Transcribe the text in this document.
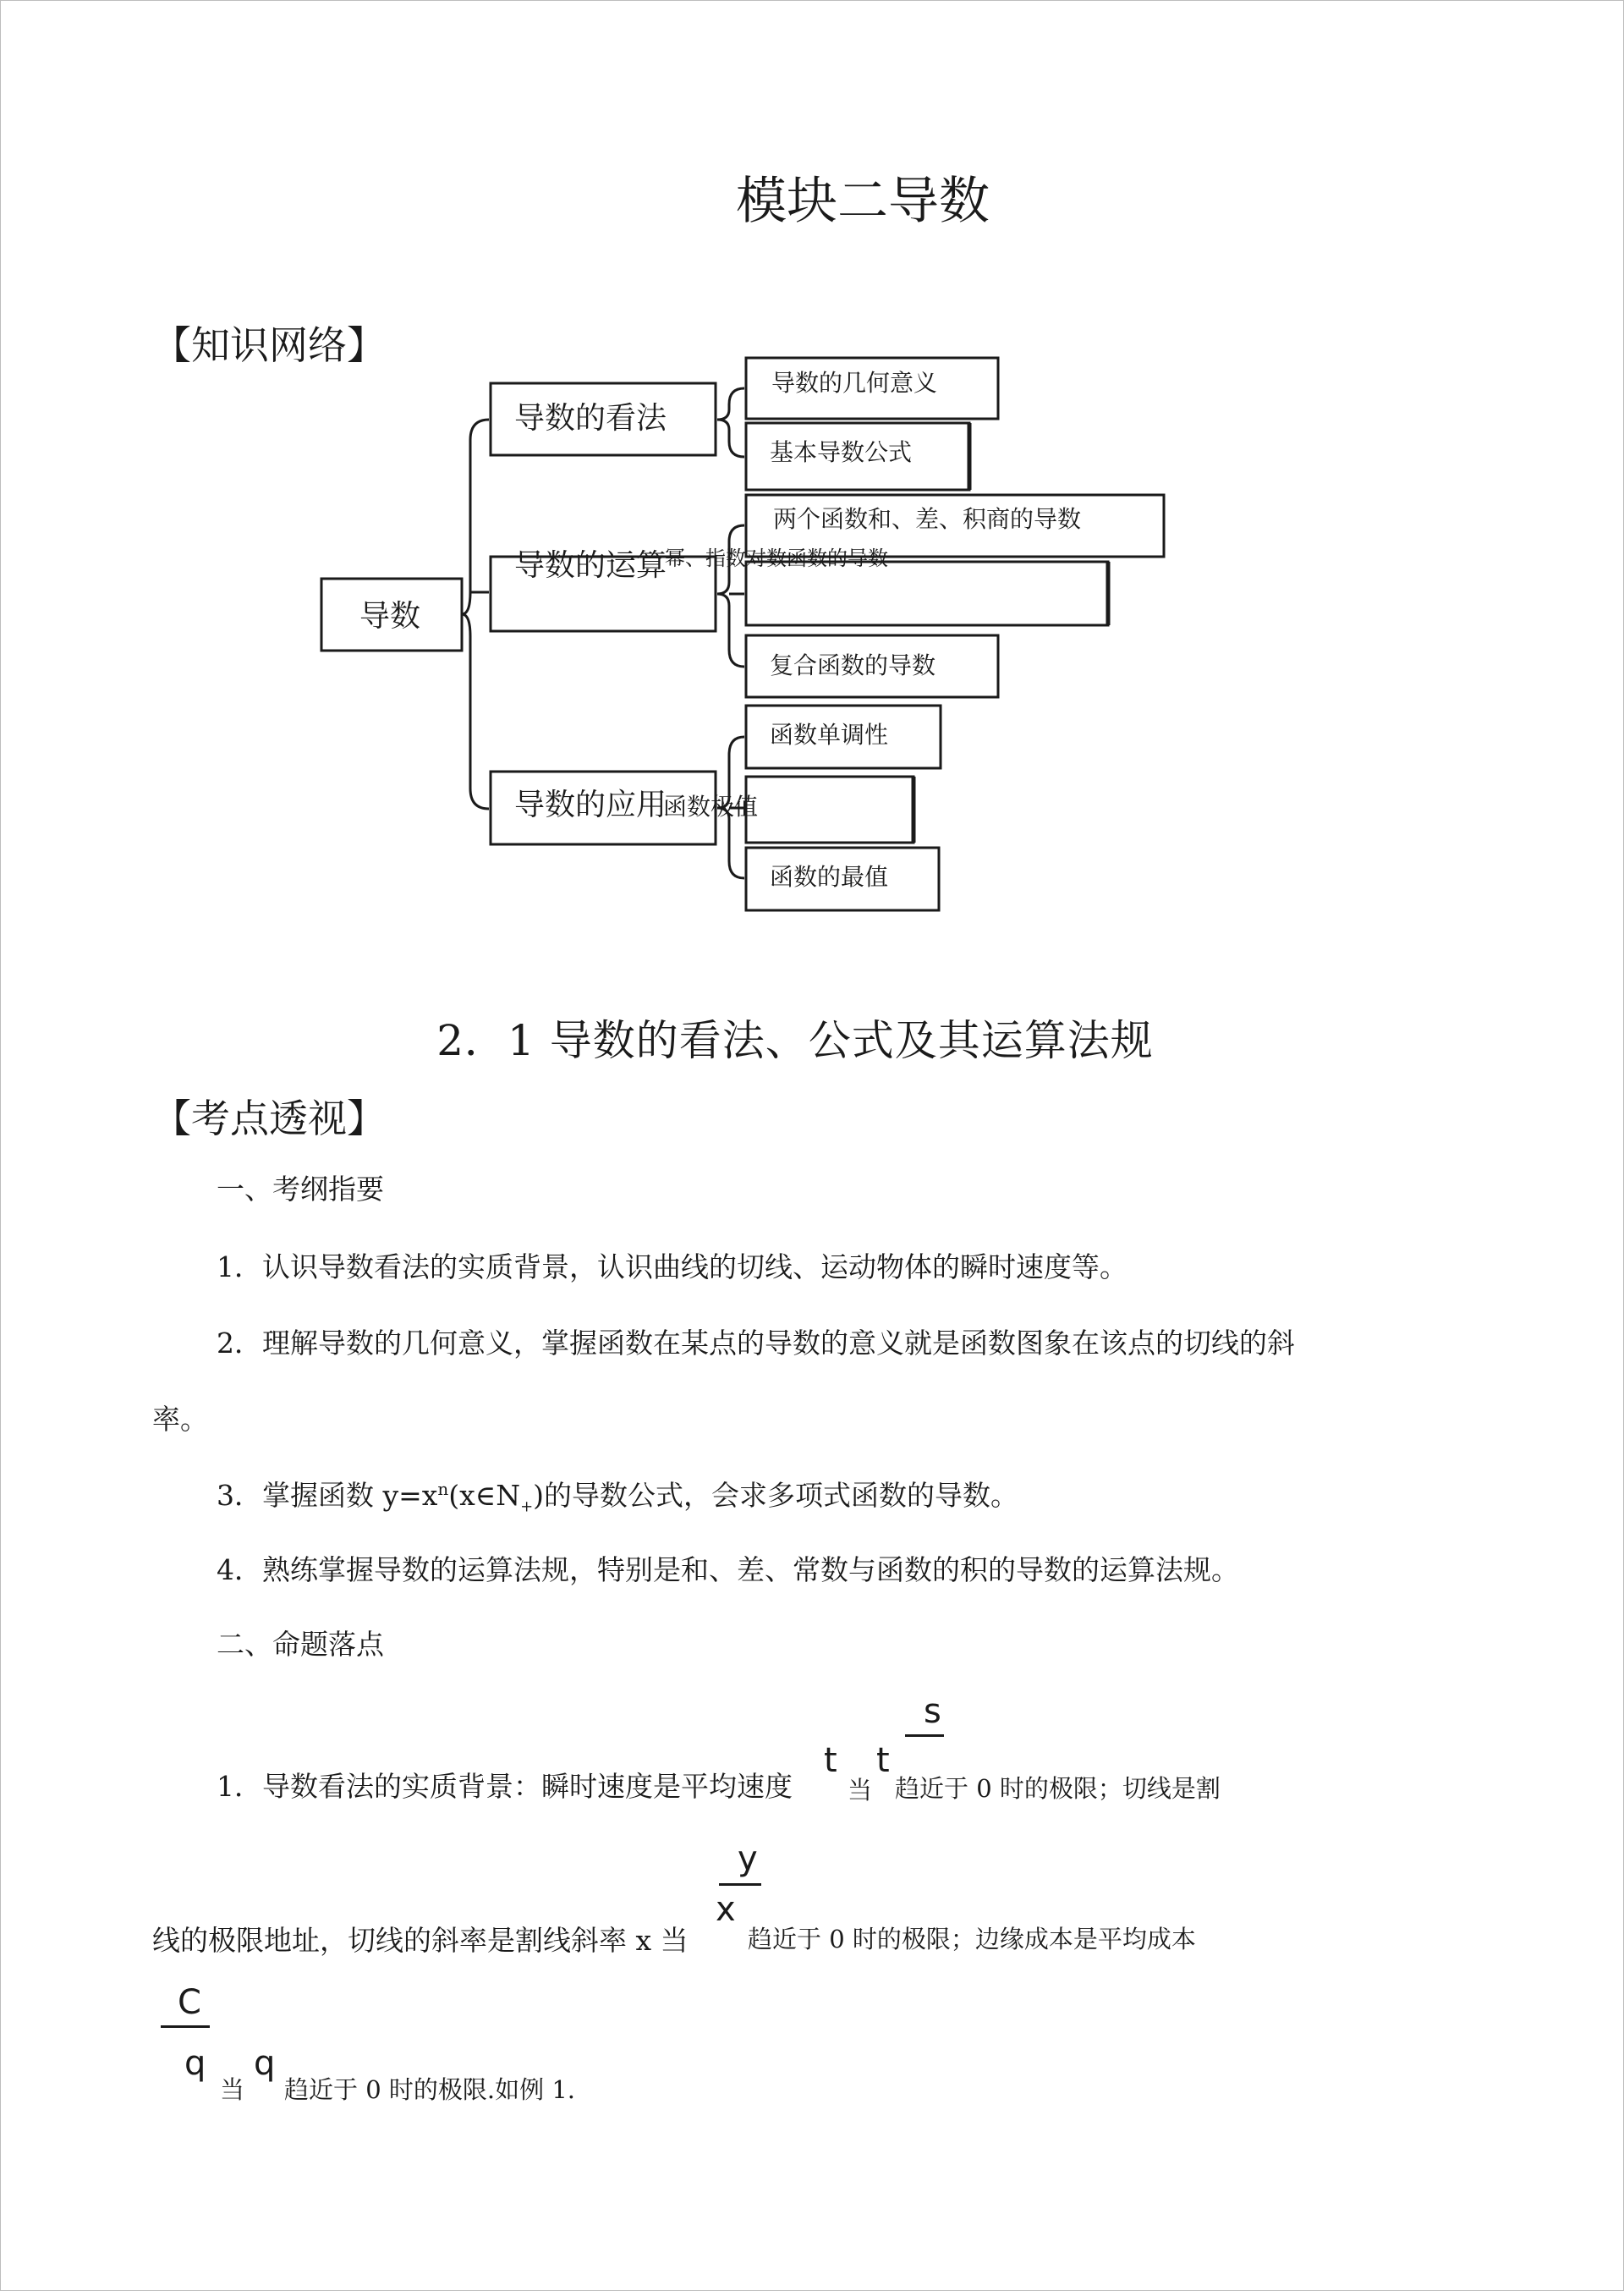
模块二导数
【知识网络】
导数
导数的看法
导数的运算
幂、指数对数函数的导数
导数的应用
函数极值
导数的几何意义
基本导数公式
两个函数和、差、积商的导数
复合函数的导数
函数单调性
函数的最值
2．1 导数的看法、公式及其运算法规
【考点透视】
一、考纲指要
1．认识导数看法的实质背景，认识曲线的切线、运动物体的瞬时速度等。
2．理解导数的几何意义，掌握函数在某点的导数的意义就是函数图象在该点的切线的斜
率。
3．掌握函数 $y=x^n(x\in N_+)$的导数公式，会求多项式函数的导数。
4．熟练掌握导数的运算法规，特别是和、差、常数与函数的积的导数的运算法规。
二、命题落点
1．导数看法的实质背景：瞬时速度是平均速度
t
当
t
s
趋近于 0 时的极限；切线是割
y
线的极限地址，切线的斜率是割线斜率 x 当
x
趋近于 0 时的极限；边缘成本是平均成本
C
q
当
q
趋近于 0 时的极限.如例 1.
